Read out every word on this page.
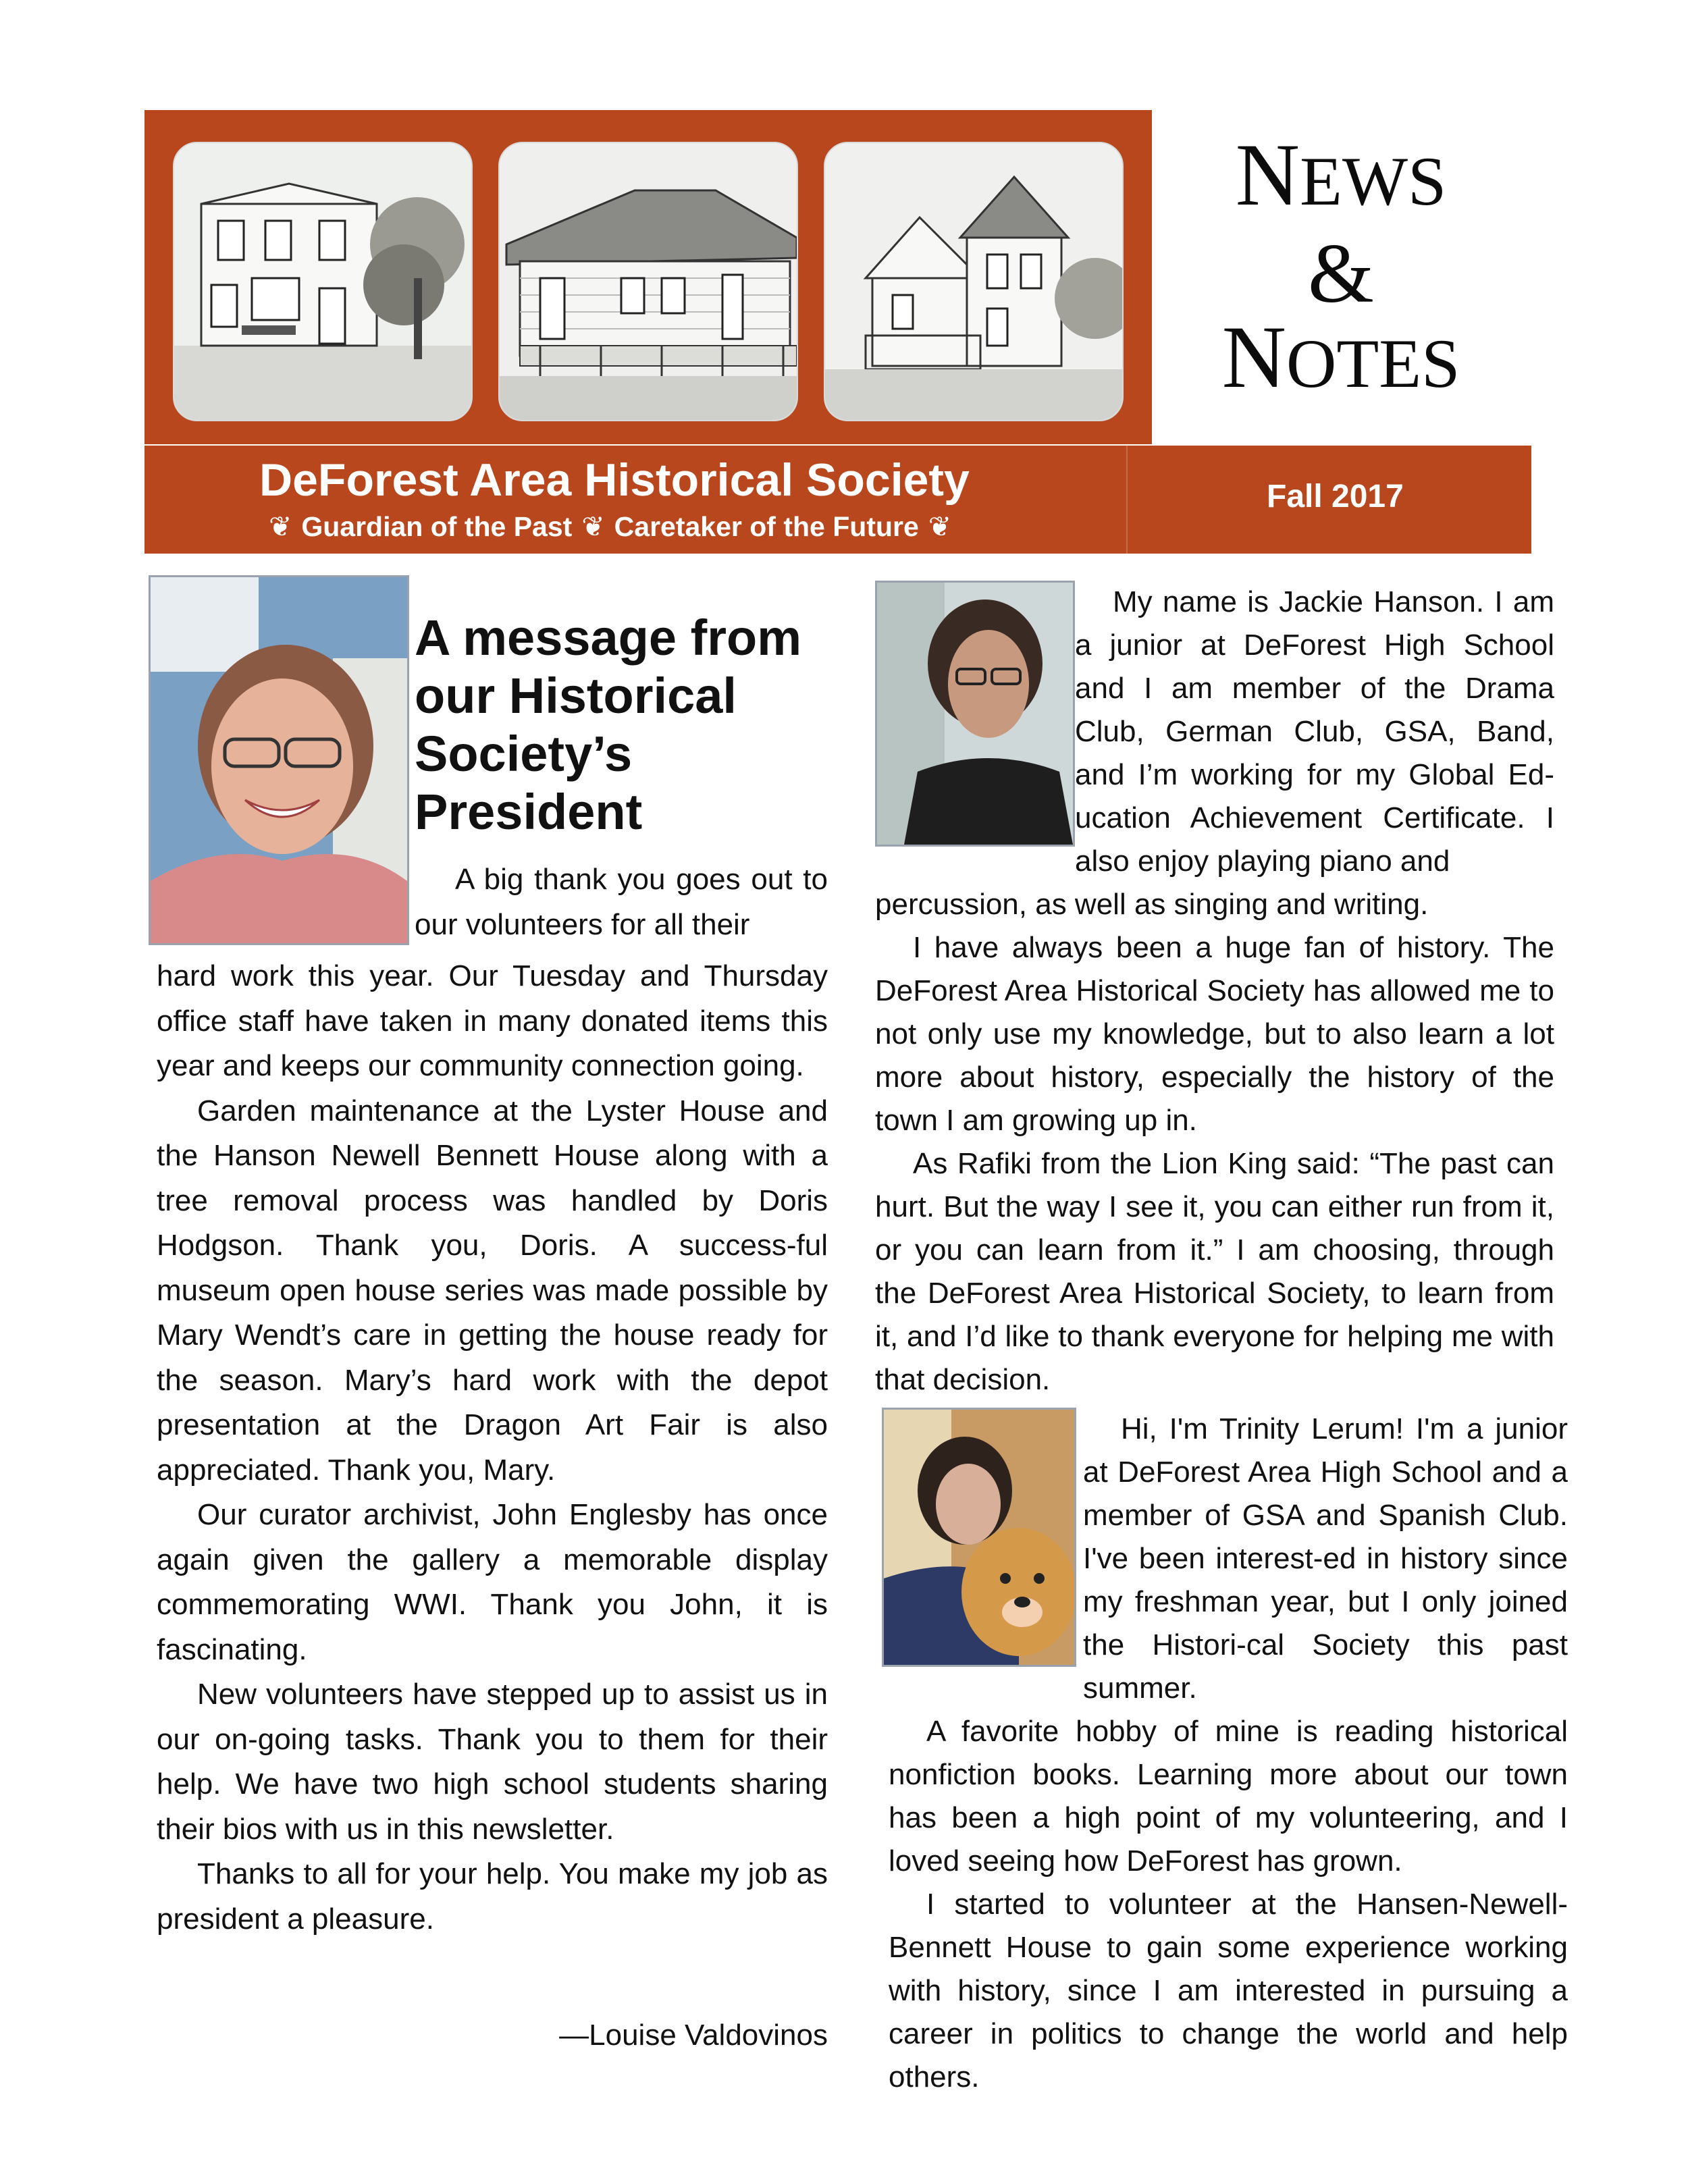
NEWS
&
NOTES
DeForest Area Historical Society
❦ Guardian of the Past ❦ Caretaker of the Future ❦
Fall 2017
A message from our Historical Society’s President
A big thank you goes out to our volunteers for all their

hard work this year. Our Tuesday and Thursday office staff have taken in many donated items this year and keeps our community connection going.

Garden maintenance at the Lyster House and the Hanson Newell Bennett House along with a tree removal process was handled by Doris Hodgson. Thank you, Doris. A success-ful museum open house series was made possible by Mary Wendt’s care in getting the house ready for the season. Mary’s hard work with the depot presentation at the Dragon Art Fair is also appreciated. Thank you, Mary.

Our curator archivist, John Englesby has once again given the gallery a memorable display commemorating WWI. Thank you John, it is fascinating.

New volunteers have stepped up to assist us in our on-going tasks. Thank you to them for their help. We have two high school students sharing their bios with us in this newsletter.

Thanks to all for your help. You make my job as president a pleasure.

—Louise Valdovinos

My name is Jackie Hanson. I am a junior at DeForest High School and I am member of the Drama Club, German Club, GSA, Band, and I’m working for my Global Ed-ucation Achievement Certificate. I also enjoy playing piano and

percussion, as well as singing and writing.

I have always been a huge fan of history. The DeForest Area Historical Society has allowed me to not only use my knowledge, but to also learn a lot more about history, especially the history of the town I am growing up in.

As Rafiki from the Lion King said: “The past can hurt. But the way I see it, you can either run from it, or you can learn from it.” I am choosing, through the DeForest Area Historical Society, to learn from it, and I’d like to thank everyone for helping me with that decision.

Hi, I'm Trinity Lerum! I'm a junior at DeForest Area High School and a member of GSA and Spanish Club. I've been interest-ed in history since my freshman year, but I only joined the Histori-cal Society this past summer.

A favorite hobby of mine is reading historical nonfiction books. Learning more about our town has been a high point of my volunteering, and I loved seeing how DeForest has grown.

I started to volunteer at the Hansen-Newell-Bennett House to gain some experience working with history, since I am interested in pursuing a career in politics to change the world and help others.
